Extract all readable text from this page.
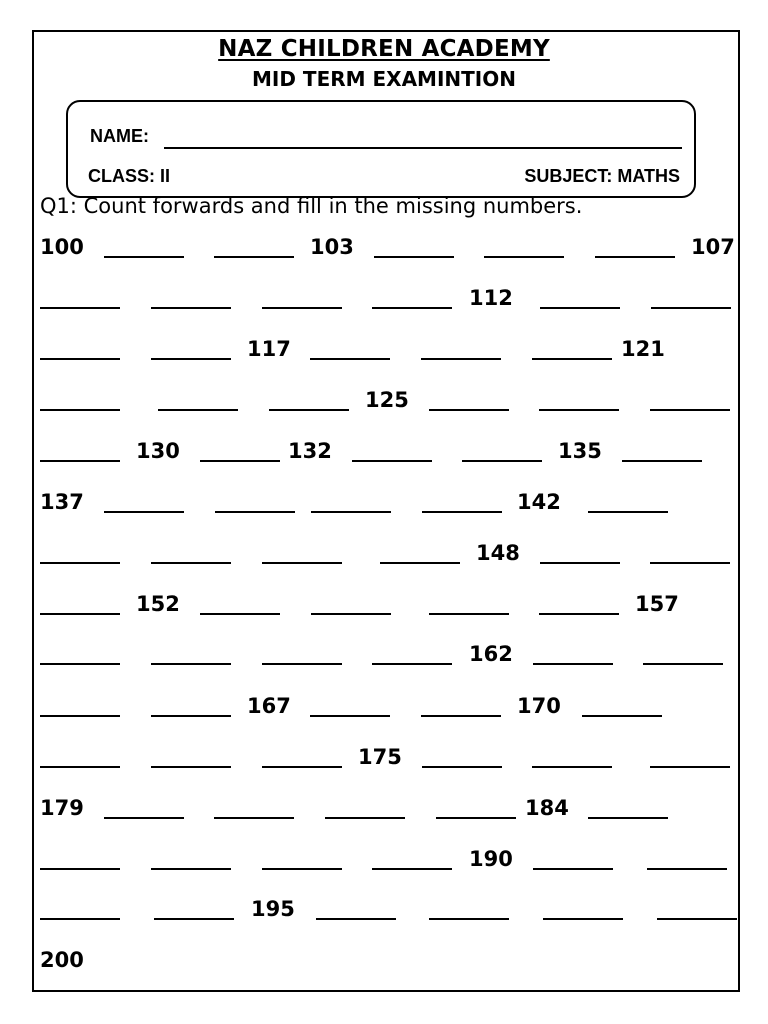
NAZ CHILDREN ACADEMY
MID TERM EXAMINTION
NAME:
CLASS: II	SUBJECT: MATHS
Q1: Count forwards and fill in the missing numbers.
100	103	107
112
117	121
125
130	132	135
137	142
148
152	157
162
167	170
175
179	184
190
195
200
